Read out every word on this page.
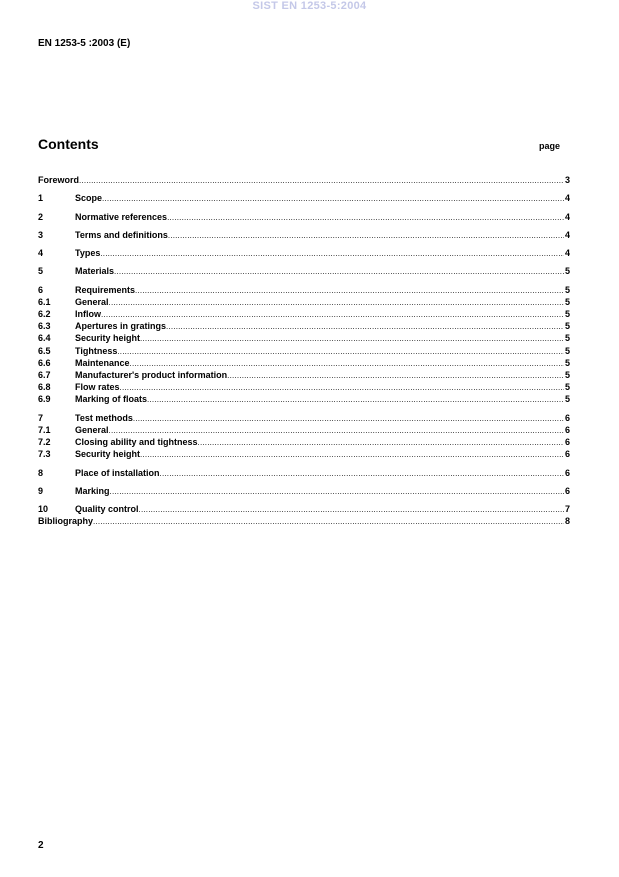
SIST EN 1253-5:2004
EN 1253-5 :2003 (E)
Contents	page
Foreword .....	3
1	Scope .....	4
2	Normative references .....	4
3	Terms and definitions .....	4
4	Types .....	4
5	Materials .....	5
6	Requirements .....	5
6.1	General .....	5
6.2	Inflow .....	5
6.3	Apertures in gratings .....	5
6.4	Security height .....	5
6.5	Tightness .....	5
6.6	Maintenance .....	5
6.7	Manufacturer's product information .....	5
6.8	Flow rates .....	5
6.9	Marking of floats .....	5
7	Test methods .....	6
7.1	General .....	6
7.2	Closing ability and tightness .....	6
7.3	Security height .....	6
8	Place of installation .....	6
9	Marking .....	6
10	Quality control .....	7
Bibliography .....	8
2
